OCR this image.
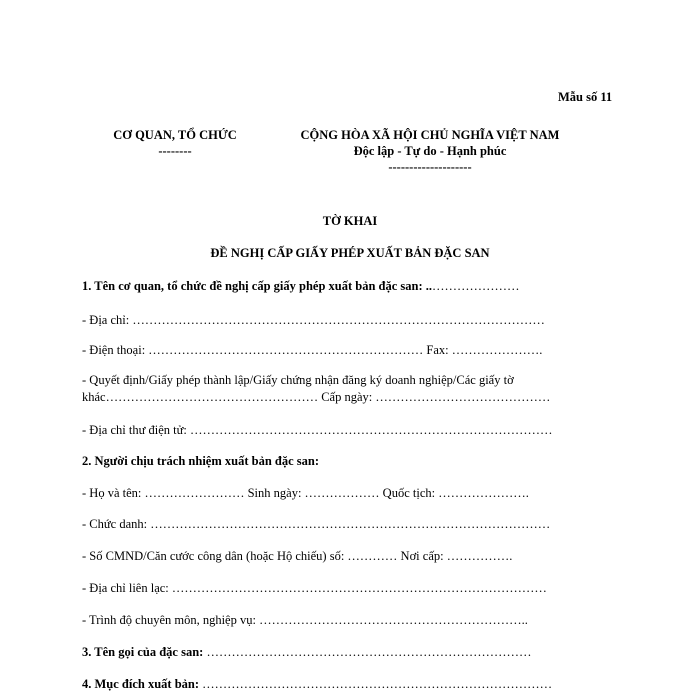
Mẫu số 11
CƠ QUAN, TỔ CHỨC
--------
CỘNG HÒA XÃ HỘI CHỦ NGHĨA VIỆT NAM
Độc lập - Tự do - Hạnh phúc
--------------------
TỜ KHAI
ĐỀ NGHỊ CẤP GIẤY PHÉP XUẤT BẢN ĐẶC SAN
1. Tên cơ quan, tổ chức đề nghị cấp giấy phép xuất bản đặc san: ..…………………
- Địa chỉ: ………………………………………………………………………………………
- Điện thoại: ………………………………………………………… Fax: ………………….
- Quyết định/Giấy phép thành lập/Giấy chứng nhận đăng ký doanh nghiệp/Các giấy tờ
khác…………………………………………… Cấp ngày: ……………………………………
- Địa chỉ thư điện tử: ……………………………………………………………………………
2. Người chịu trách nhiệm xuất bản đặc san:
- Họ và tên: …………………… Sinh ngày: ……………… Quốc tịch: ………………….
- Chức danh: ……………………………………………………………………………………
- Số CMND/Căn cước công dân (hoặc Hộ chiếu) số: ………… Nơi cấp: …………….
- Địa chỉ liên lạc: ………………………………………………………………………………
- Trình độ chuyên môn, nghiệp vụ: ………………………………………………………..
3. Tên gọi của đặc san: ……………………………………………………………………
4. Mục đích xuất bản: …………………………………………………………………………
